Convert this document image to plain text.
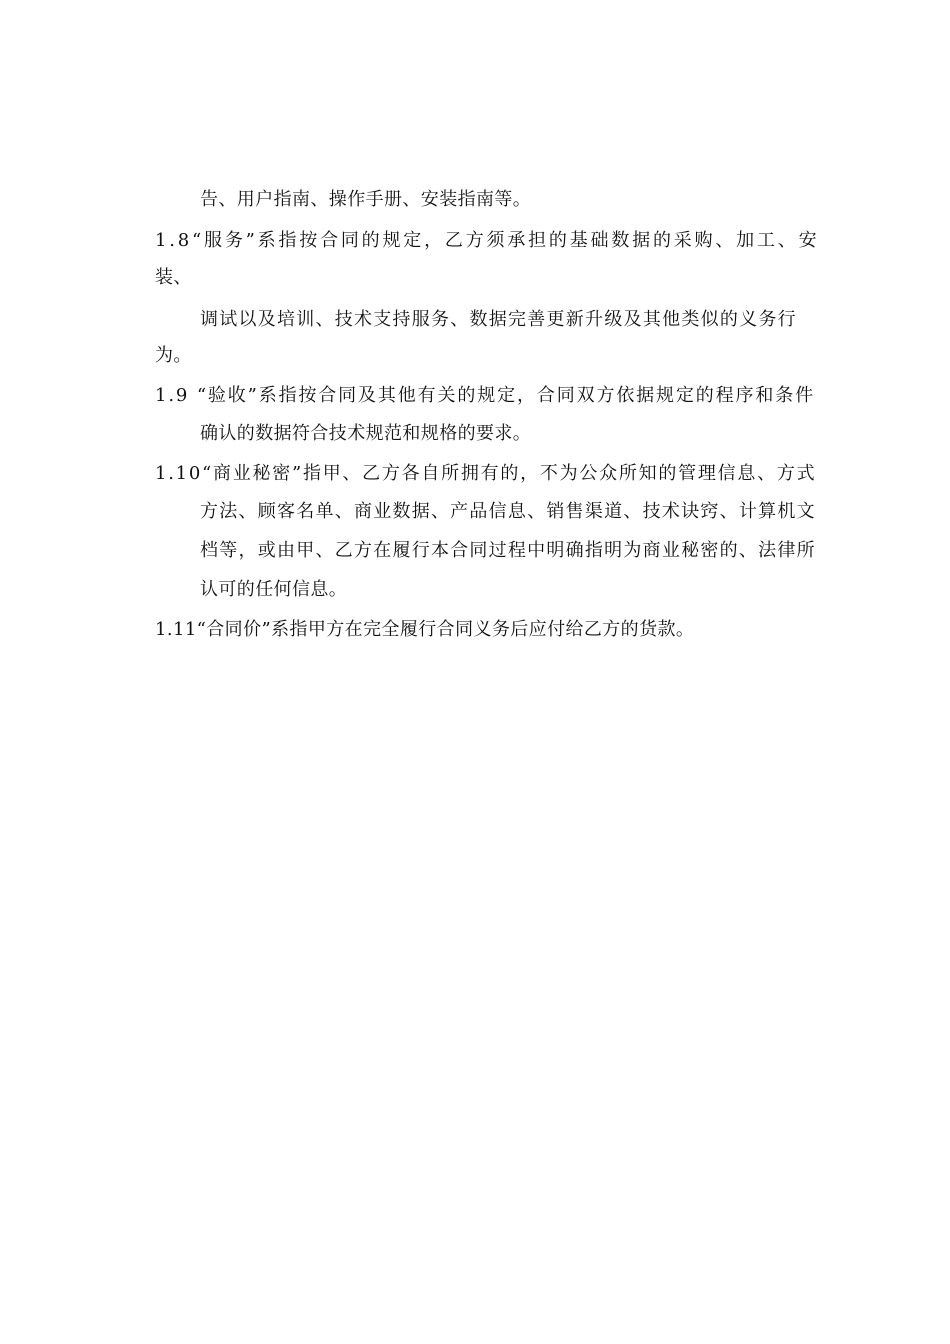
告、用户指南、操作手册、安装指南等。
1.8“服务”系指按合同的规定，乙方须承担的基础数据的采购、加工、安
装、
调试以及培训、技术支持服务、数据完善更新升级及其他类似的义务行
为。
1.9 “验收”系指按合同及其他有关的规定，合同双方依据规定的程序和条件
确认的数据符合技术规范和规格的要求。
1.10“商业秘密”指甲、乙方各自所拥有的，不为公众所知的管理信息、方式
方法、顾客名单、商业数据、产品信息、销售渠道、技术诀窍、计算机文
档等，或由甲、乙方在履行本合同过程中明确指明为商业秘密的、法律所
认可的任何信息。
1.11“合同价”系指甲方在完全履行合同义务后应付给乙方的货款。
